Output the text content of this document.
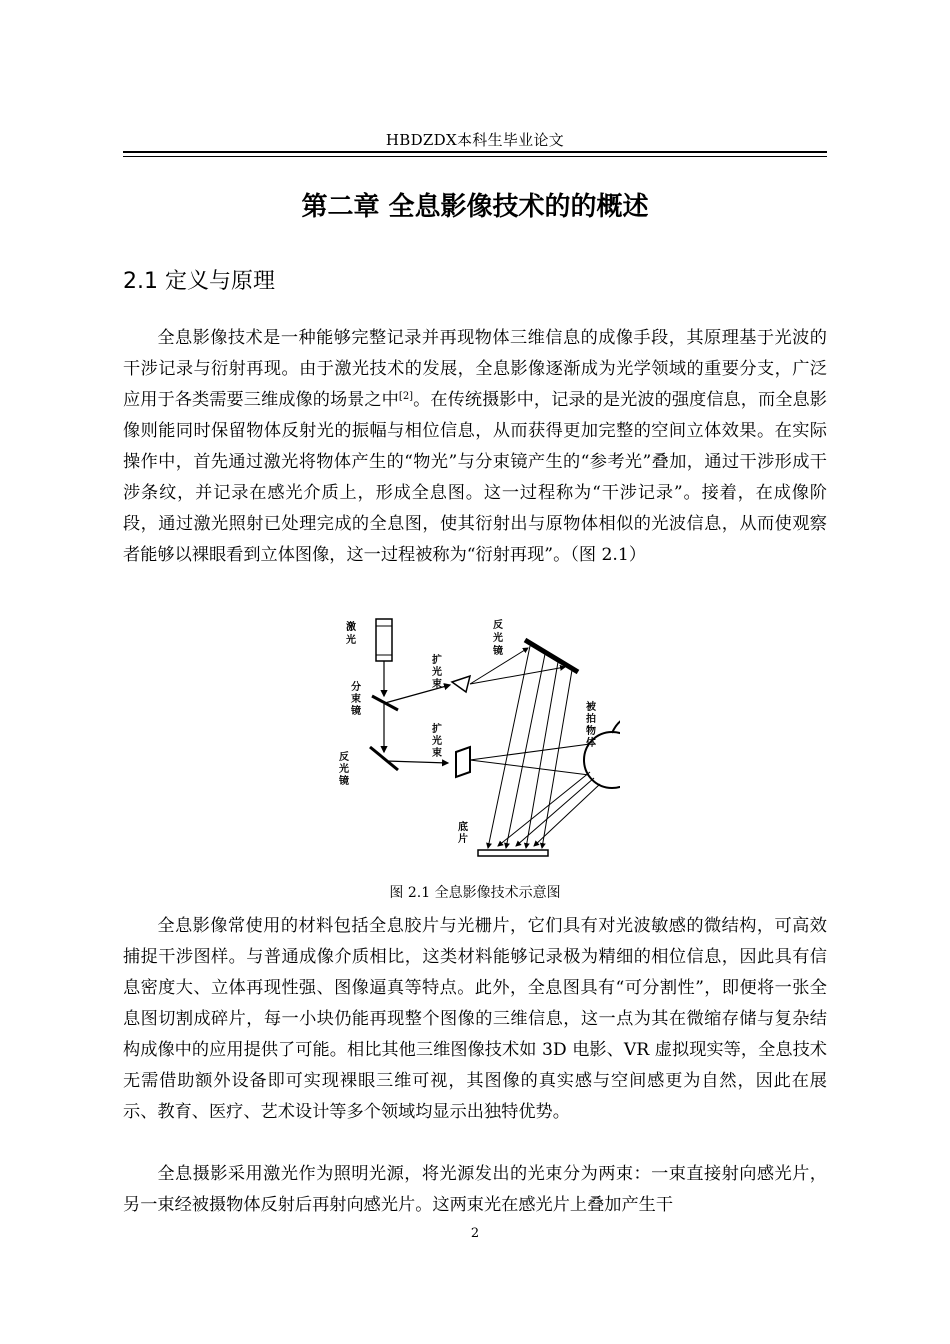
HBDZDX本科生毕业论文
第二章 全息影像技术的的概述
2.1 定义与原理

全息影像技术是一种能够完整记录并再现物体三维信息的成像手段，其原理基于光波的干涉记录与衍射再现。由于激光技术的发展，全息影像逐渐成为光学领域的重要分支，广泛应用于各类需要三维成像的场景之中[2]。在传统摄影中，记录的是光波的强度信息，而全息影像则能同时保留物体反射光的振幅与相位信息，从而获得更加完整的空间立体效果。在实际操作中，首先通过激光将物体产生的“物光”与分束镜产生的“参考光”叠加，通过干涉形成干涉条纹，并记录在感光介质上，形成全息图。这一过程称为“干涉记录”。接着，在成像阶段，通过激光照射已处理完成的全息图，使其衍射出与原物体相似的光波信息，从而使观察者能够以裸眼看到立体图像，这一过程被称为“衍射再现”。（图 2.1）

激
光
反
光
镜
扩
光
束
分
束
镜
扩
光
束
被
拍
物
体
反
光
镜
底
片
图 2.1 全息影像技术示意图

全息影像常使用的材料包括全息胶片与光栅片，它们具有对光波敏感的微结构，可高效捕捉干涉图样。与普通成像介质相比，这类材料能够记录极为精细的相位信息，因此具有信息密度大、立体再现性强、图像逼真等特点。此外，全息图具有“可分割性”，即便将一张全息图切割成碎片，每一小块仍能再现整个图像的三维信息，这一点为其在微缩存储与复杂结构成像中的应用提供了可能。相比其他三维图像技术如 3D 电影、VR 虚拟现实等，全息技术无需借助额外设备即可实现裸眼三维可视，其图像的真实感与空间感更为自然，因此在展示、教育、医疗、艺术设计等多个领域均显示出独特优势。

全息摄影采用激光作为照明光源，将光源发出的光束分为两束：一束直接射向感光片，另一束经被摄物体反射后再射向感光片。这两束光在感光片上叠加产生干

2
